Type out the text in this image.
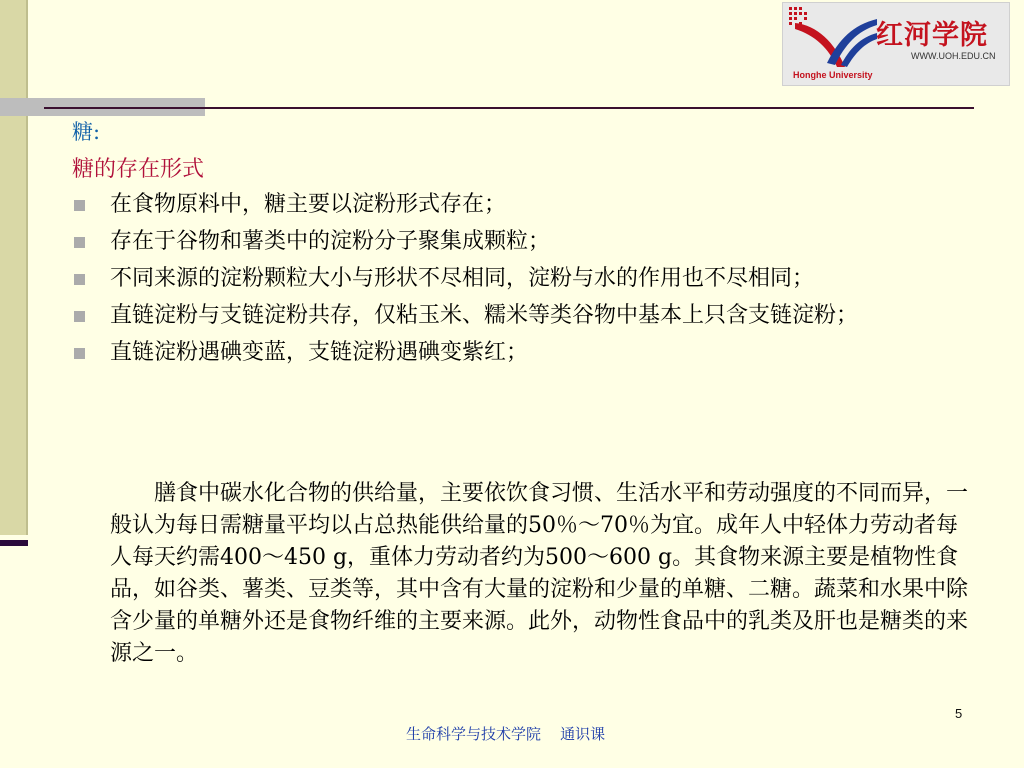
红河学院
WWW.UOH.EDU.CN
Honghe University
糖:
糖的存在形式
在食物原料中，糖主要以淀粉形式存在；
存在于谷物和薯类中的淀粉分子聚集成颗粒；
不同来源的淀粉颗粒大小与形状不尽相同，淀粉与水的作用也不尽相同；
直链淀粉与支链淀粉共存，仅粘玉米、糯米等类谷物中基本上只含支链淀粉；
直链淀粉遇碘变蓝，支链淀粉遇碘变紫红；

膳食中碳水化合物的供给量，主要依饮食习惯、生活水平和劳动强度的不同而异，一般认为每日需糖量平均以占总热能供给量的50％～70％为宜。成年人中轻体力劳动者每人每天约需400～450 g，重体力劳动者约为500～600 g。其食物来源主要是植物性食品，如谷类、薯类、豆类等，其中含有大量的淀粉和少量的单糖、二糖。蔬菜和水果中除含少量的单糖外还是食物纤维的主要来源。此外，动物性食品中的乳类及肝也是糖类的来源之一。

5
生命科学与技术学院    通识课
